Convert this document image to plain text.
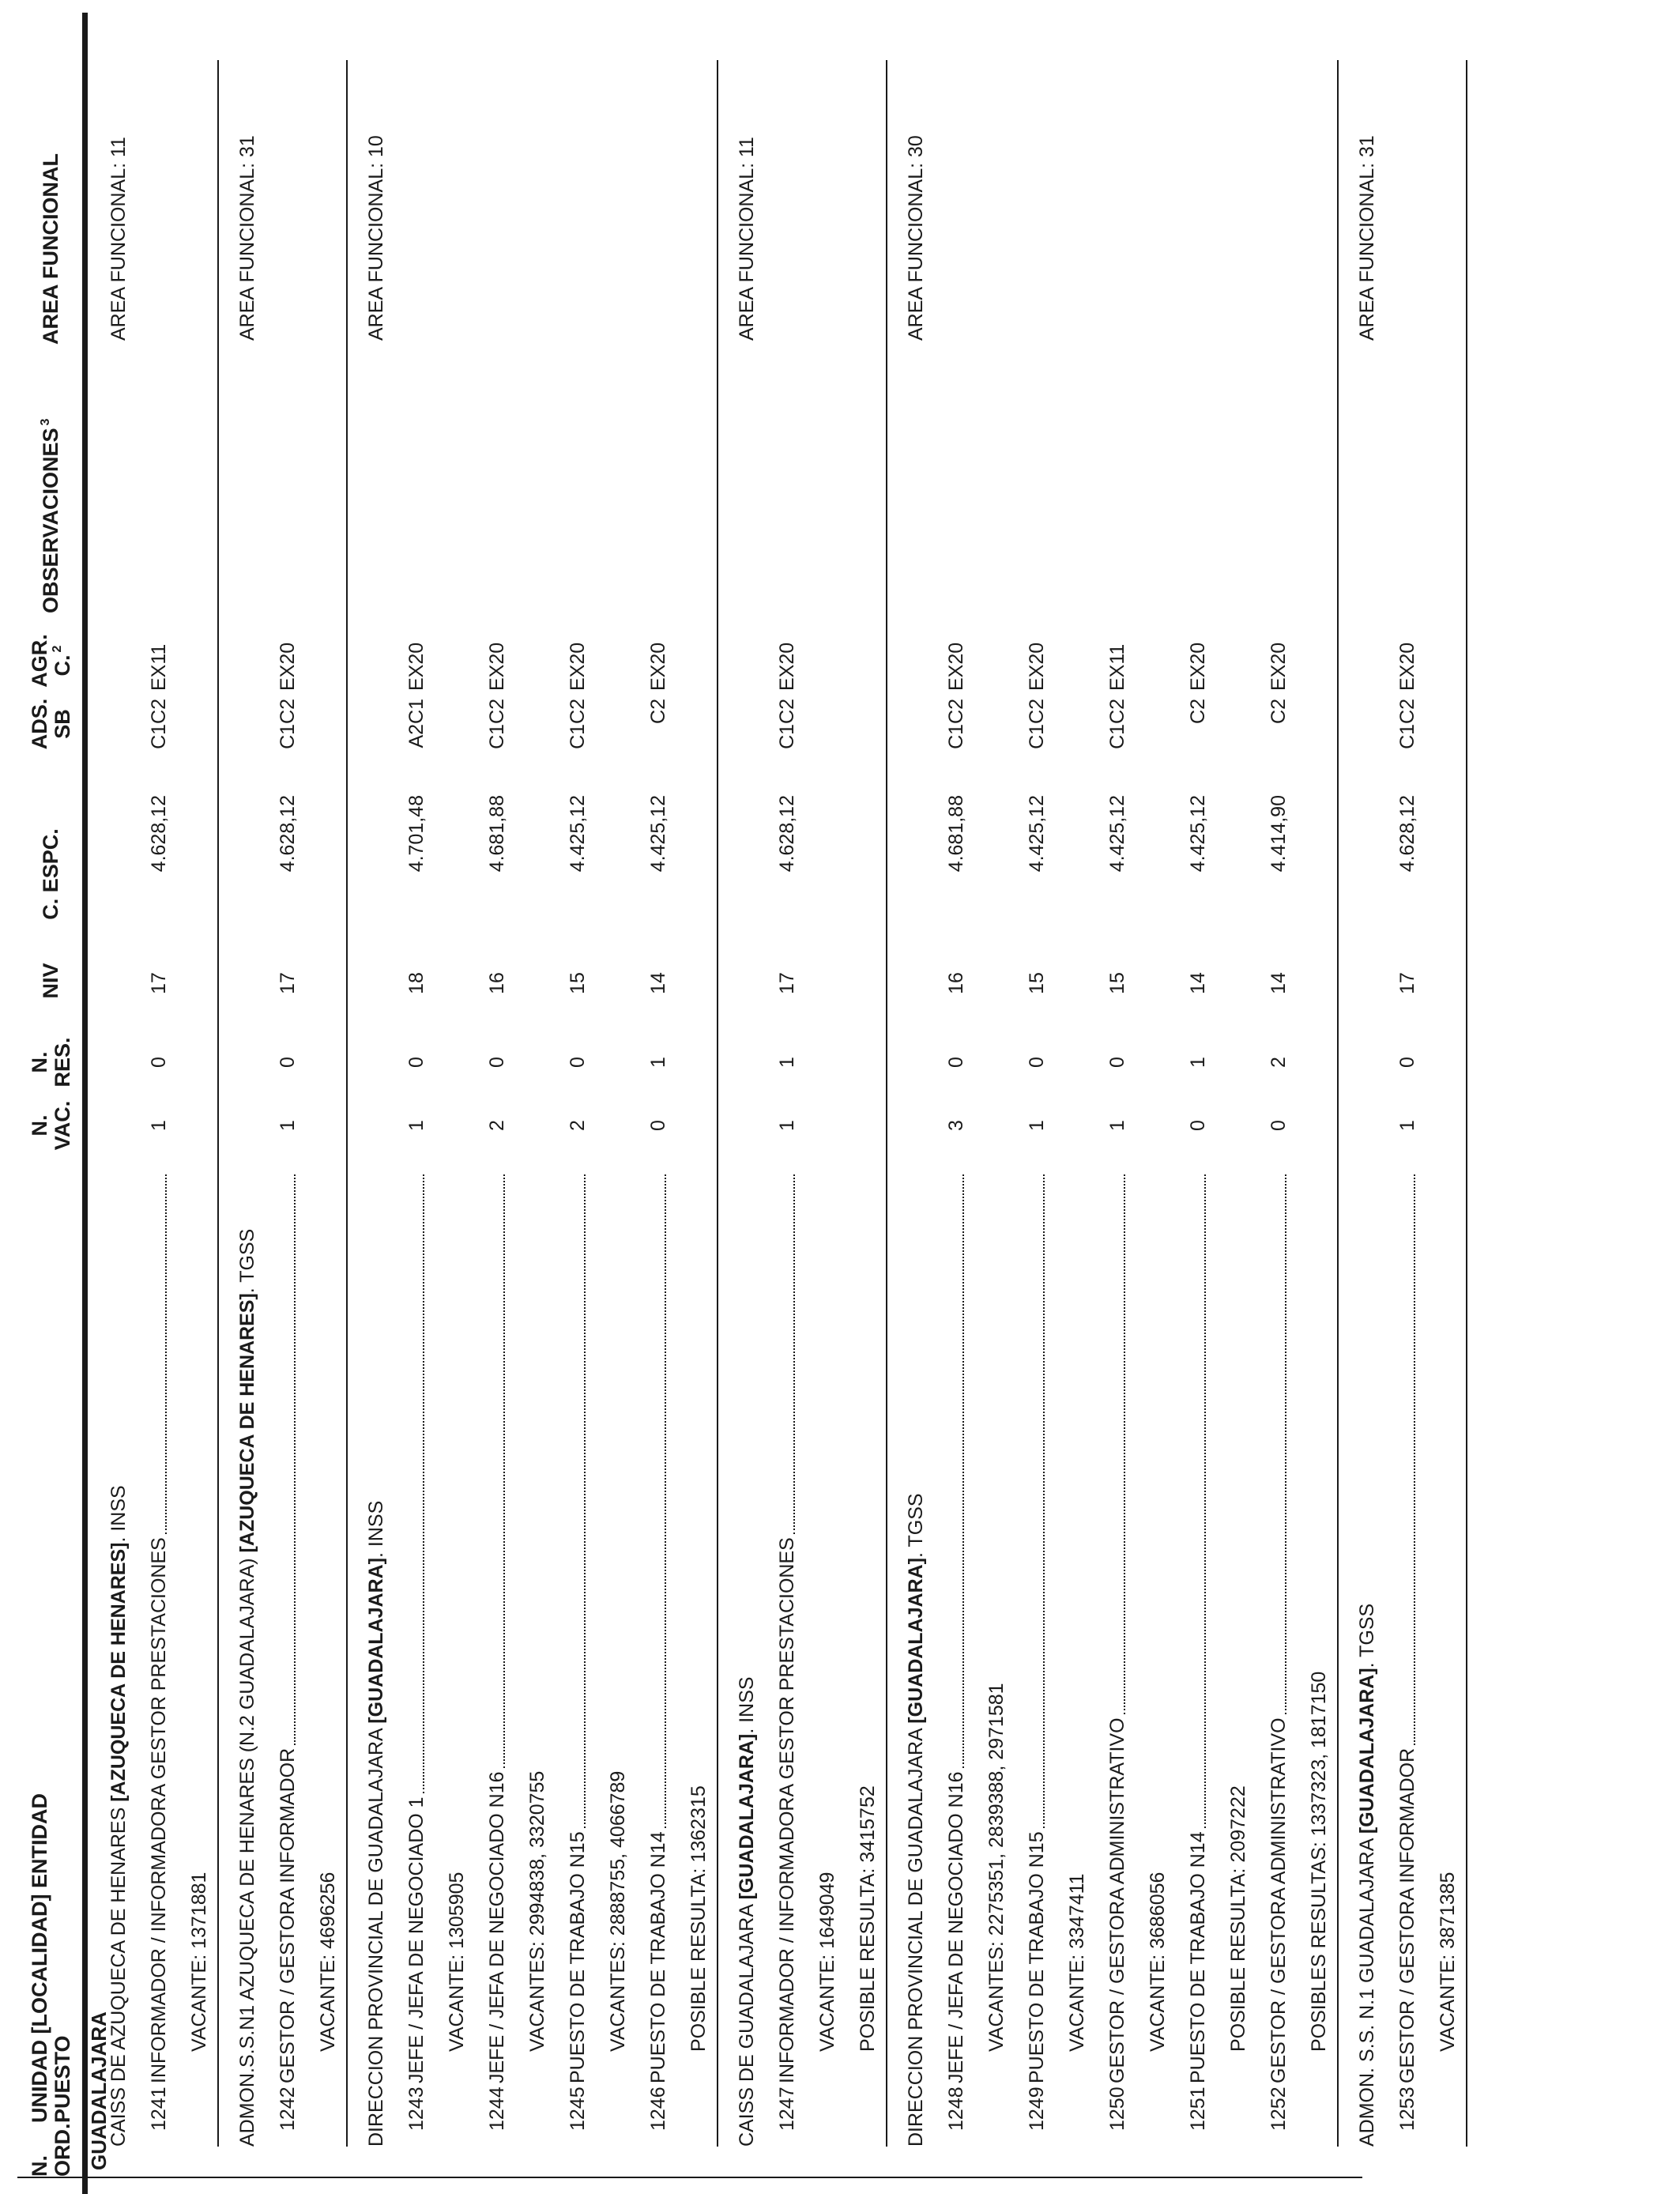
N. ORD.
UNIDAD [LOCALIDAD] ENTIDAD PUESTO
N. VAC.
N. RES.
NIV
C. ESPC.
ADS. SB
AGR. C.$^2$
OBSERVACIONES$^3$
AREA FUNCIONAL
GUADALAJARA
CAISS DE AZUQUECA DE HENARES [AZUQUECA DE HENARES]. INSS
AREA FUNCIONAL: 11
1241
INFORMADOR / INFORMADORA GESTOR PRESTACIONES
1
0
17
4.628,12
C1C2
EX11
VACANTE: 1371881 ADMON.S.S.N1 AZUQUECA DE HENARES (N.2 GUADALAJARA) [AZUQUECA DE HENARES]. TGSS
AREA FUNCIONAL: 31
1242
GESTOR / GESTORA INFORMADOR
1
0
17
4.628,12
C1C2
EX20
VACANTE: 4696256 DIRECCION PROVINCIAL DE GUADALAJARA [GUADALAJARA]. INSS
AREA FUNCIONAL: 10
1243
JEFE / JEFA DE NEGOCIADO 1
1
0
18
4.701,48
A2C1
EX20
VACANTE: 1305905
1244
JEFE / JEFA DE NEGOCIADO N16
2
0
16
4.681,88
C1C2
EX20
VACANTES: 2994838, 3320755
1245
PUESTO DE TRABAJO N15
2
0
15
4.425,12
C1C2
EX20
VACANTES: 2888755, 4066789
1246
PUESTO DE TRABAJO N14
0
1
14
4.425,12
C2
EX20
POSIBLE RESULTA: 1362315 CAISS DE GUADALAJARA [GUADALAJARA]. INSS
AREA FUNCIONAL: 11
1247
INFORMADOR / INFORMADORA GESTOR PRESTACIONES
1
1
17
4.628,12
C1C2
EX20
VACANTE: 1649049 POSIBLE RESULTA: 3415752 DIRECCION PROVINCIAL DE GUADALAJARA [GUADALAJARA]. TGSS
AREA FUNCIONAL: 30
1248
JEFE / JEFA DE NEGOCIADO N16
3
0
16
4.681,88
C1C2
EX20
VACANTES: 2275351, 2839388, 2971581
1249
PUESTO DE TRABAJO N15
1
0
15
4.425,12
C1C2
EX20
VACANTE: 3347411
1250
GESTOR / GESTORA ADMINISTRATIVO
1
0
15
4.425,12
C1C2
EX11
VACANTE: 3686056
1251
PUESTO DE TRABAJO N14
0
1
14
4.425,12
C2
EX20
POSIBLE RESULTA: 2097222
1252
GESTOR / GESTORA ADMINISTRATIVO
0
2
14
4.414,90
C2
EX20
POSIBLES RESULTAS: 1337323, 1817150 ADMON. S.S. N.1 GUADALAJARA [GUADALAJARA]. TGSS
AREA FUNCIONAL: 31
1253
GESTOR / GESTORA INFORMADOR
1
0
17
4.628,12
C1C2
EX20
VACANTE: 3871385
